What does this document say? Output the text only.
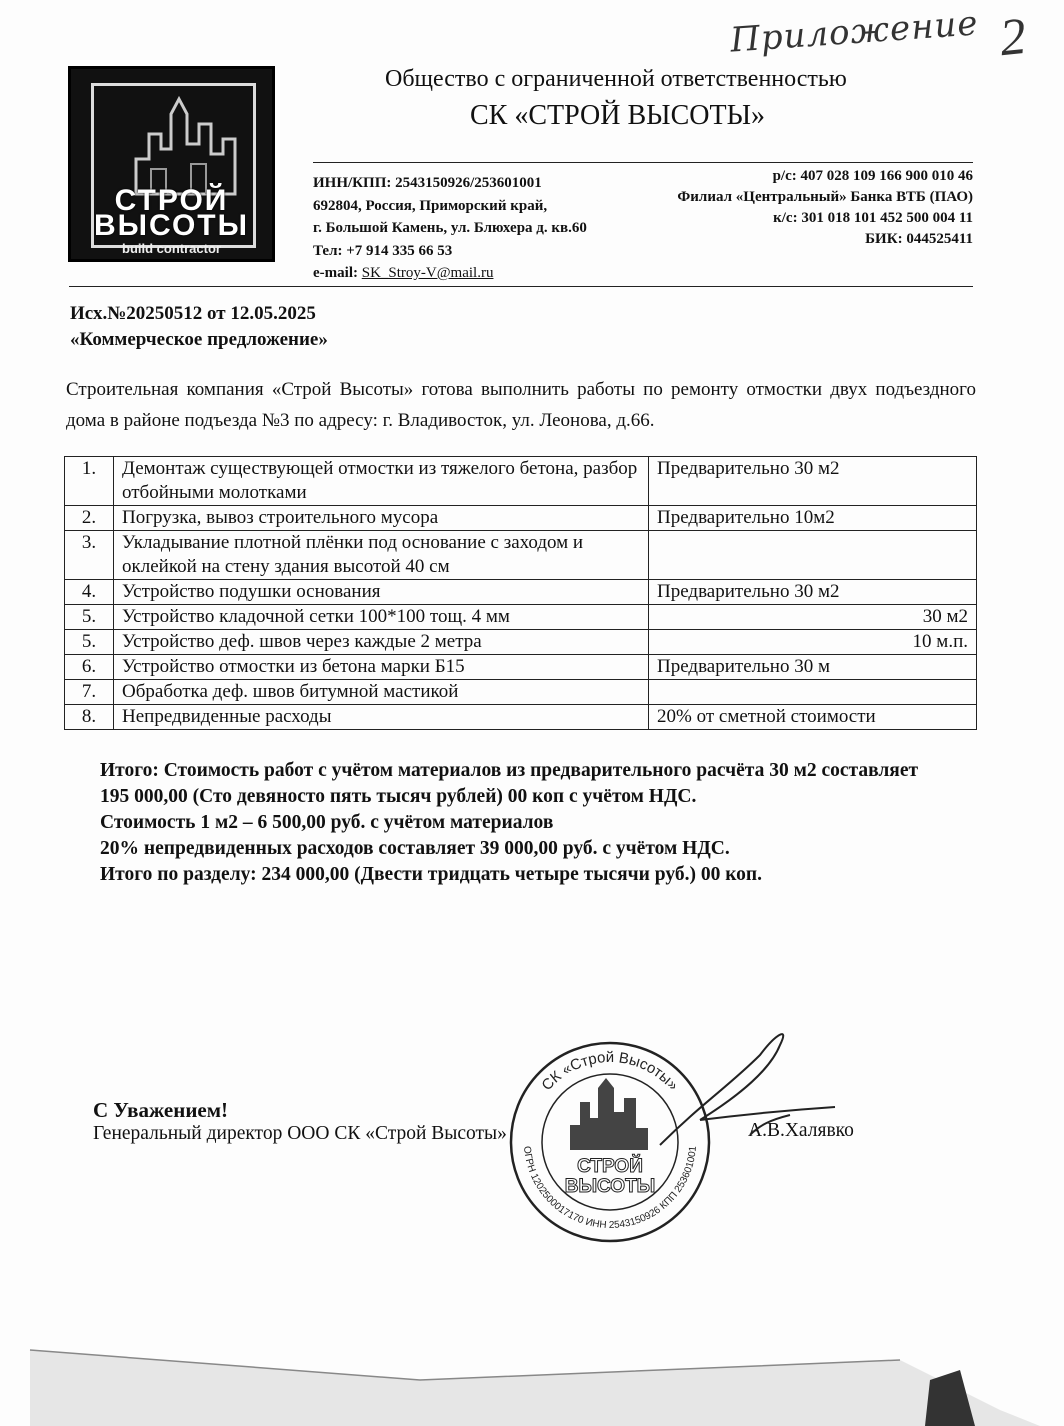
Приложение 2
СТРОЙ
ВЫСОТЫ
build contractor
Общество с ограниченной ответственностью
СК «СТРОЙ ВЫСОТЫ»
ИНН/КПП: 2543150926/253601001
692804, Россия, Приморский край,
г. Большой Камень, ул. Блюхера д. кв.60
Тел: +7 914 335 66 53
e-mail: SK_Stroy-V@mail.ru
р/с: 407 028 109 166 900 010 46
Филиал «Центральный» Банка ВТБ (ПАО)
к/с: 301 018 101 452 500 004 11
БИК: 044525411
Исх.№20250512 от 12.05.2025
«Коммерческое предложение»
Строительная компания «Строй Высоты» готова выполнить работы по ремонту отмостки двух подъездного дома в районе подъезда №3 по адресу: г. Владивосток, ул. Леонова, д.66.
1.	Демонтаж существующей отмостки из тяжелого бетона, разбор отбойными молотками	Предварительно 30 м2
2.	Погрузка, вывоз строительного мусора	Предварительно 10м2
3.	Укладывание плотной плёнки под основание с заходом и оклейкой на стену здания высотой 40 см	
4.	Устройство подушки основания	Предварительно 30 м2
5.	Устройство кладочной сетки 100*100 тощ. 4 мм	30 м2
5.	Устройство деф. швов через каждые 2 метра	10 м.п.
6.	Устройство отмостки из бетона марки Б15	Предварительно 30 м
7.	Обработка деф. швов битумной мастикой	
8.	Непредвиденные расходы	20% от сметной стоимости
Итого: Стоимость работ с учётом материалов из предварительного расчёта 30 м2 составляет
195 000,00 (Сто девяносто пять тысяч рублей) 00 коп с учётом НДС.
Стоимость 1 м2 – 6 500,00 руб. с учётом материалов
20% непредвиденных расходов составляет 39 000,00 руб. с учётом НДС.
Итого по разделу: 234 000,00 (Двести тридцать четыре тысячи руб.) 00 коп.
С Уважением!
Генеральный директор ООО СК «Строй Высоты»	А.В.Халявко
СК «Строй Высоты»
ОГРН 1202500017170 ИНН 2543150926 КПП 253601001
СТРОЙ
ВЫСОТЫ
